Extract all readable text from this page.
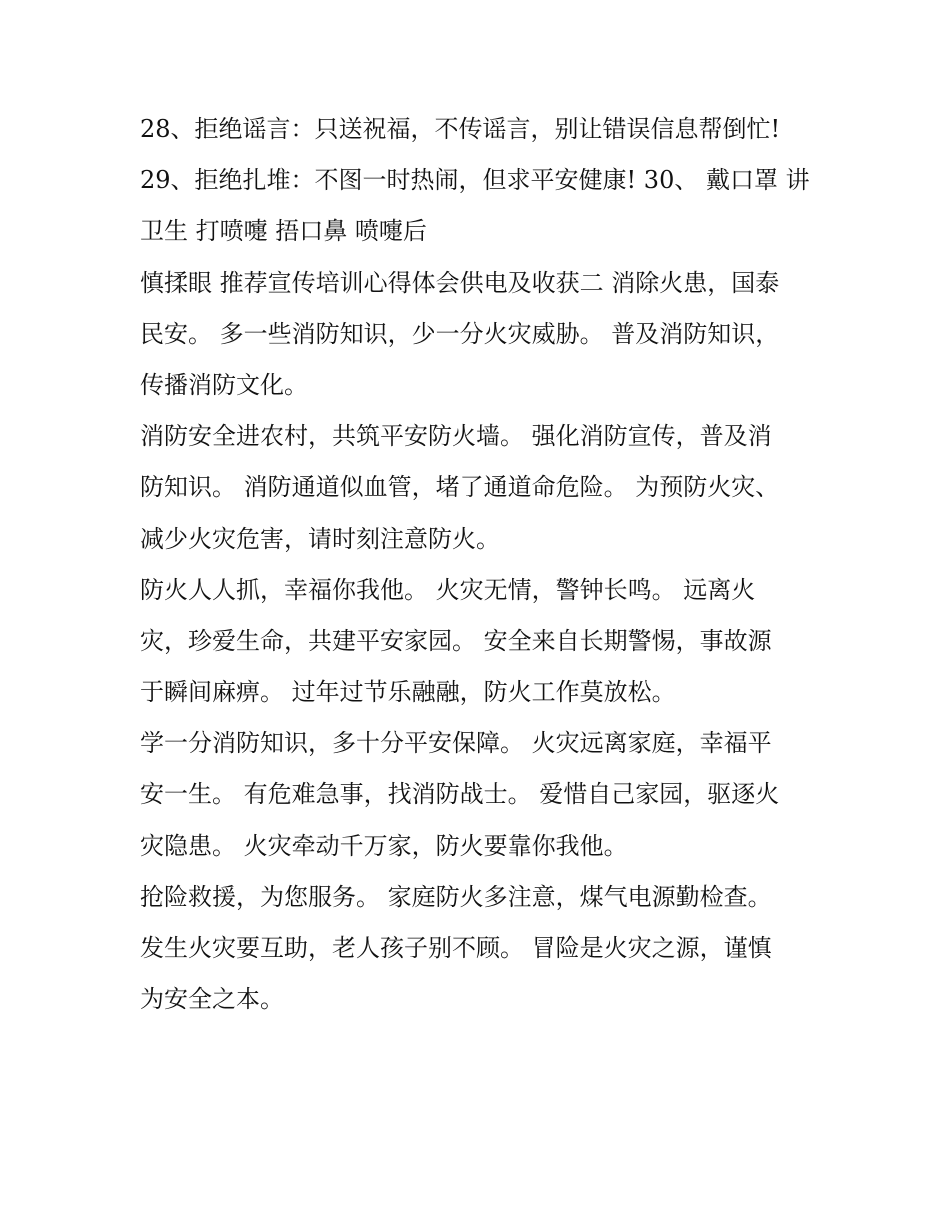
28、拒绝谣言：只送祝福，不传谣言，别让错误信息帮倒忙!
29、拒绝扎堆：不图一时热闹，但求平安健康! 30、 戴口罩 讲
卫生 打喷嚏 捂口鼻 喷嚏后
慎揉眼 推荐宣传培训心得体会供电及收获二 消除火患，国泰
民安。 多一些消防知识，少一分火灾威胁。 普及消防知识，
传播消防文化。
消防安全进农村，共筑平安防火墙。 强化消防宣传，普及消
防知识。 消防通道似血管，堵了通道命危险。 为预防火灾、
减少火灾危害，请时刻注意防火。
防火人人抓，幸福你我他。 火灾无情，警钟长鸣。 远离火
灾，珍爱生命，共建平安家园。 安全来自长期警惕，事故源
于瞬间麻痹。 过年过节乐融融，防火工作莫放松。
学一分消防知识，多十分平安保障。 火灾远离家庭，幸福平
安一生。 有危难急事，找消防战士。 爱惜自己家园，驱逐火
灾隐患。 火灾牵动千万家，防火要靠你我他。
抢险救援，为您服务。 家庭防火多注意，煤气电源勤检查。
发生火灾要互助，老人孩子别不顾。 冒险是火灾之源，谨慎
为安全之本。
